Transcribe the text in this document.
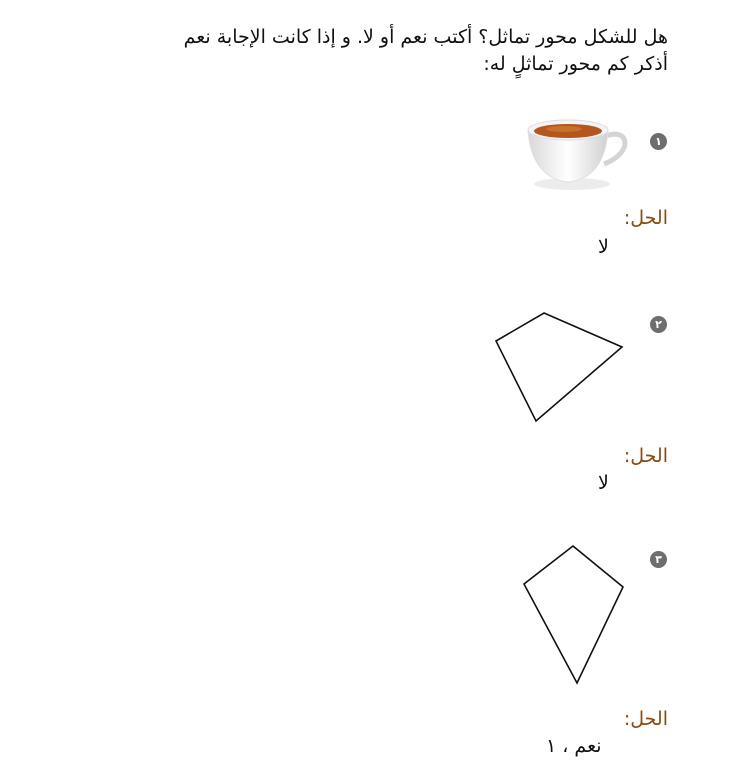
هل للشكل محور تماثل؟ أكتب نعم أو لا. و إذا كانت الإجابة نعم
أذكر كم محور تماثلٍ له:
١
الحل:
لا
٢
الحل:
لا
٣
الحل:
نعم ، ١
